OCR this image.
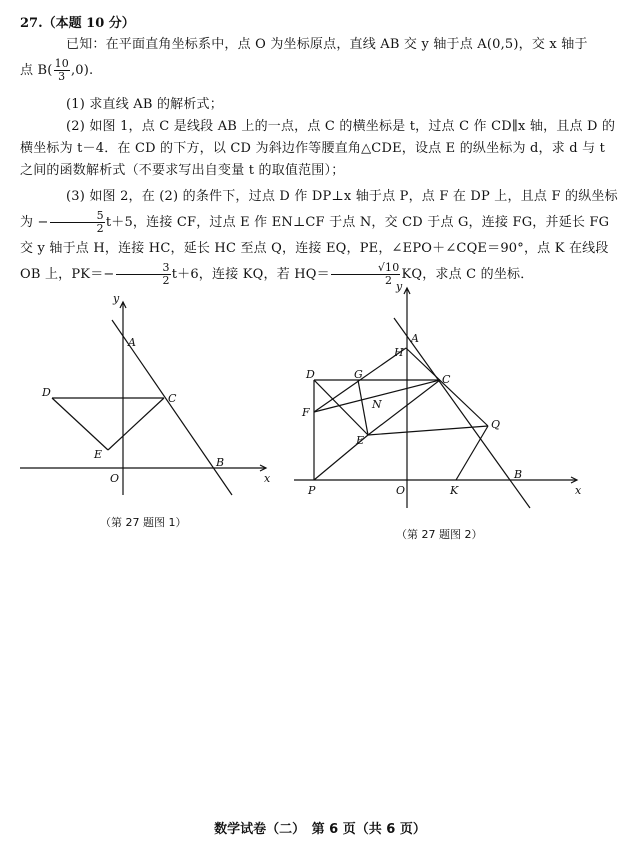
27.（本题 10 分）
已知：在平面直角坐标系中，点 O 为坐标原点，直线 AB 交 y 轴于点 A(0,5)，交 x 轴于
点 $B( \frac{10}{3} ,0)$.
(1) 求直线 AB 的解析式；
(2) 如图 1，点 C 是线段 AB 上的一点，点 C 的横坐标是 t，过点 C 作 CD∥x 轴，且点 D 的横坐标为 t－4．在 CD 的下方，以 CD 为斜边作等腰直角△CDE，设点 E 的纵坐标为 d，求 d 与 t 之间的函数解析式（不要求写出自变量 t 的取值范围）；
(3) 如图 2，在 (2) 的条件下，过点 D 作 DP⊥x 轴于点 P，点 F 在 DP 上，且点 F 的纵坐标为 − $\frac{5}{2} t+5$，连接 CF，过点 E 作 EN⊥CF 于点 N，交 CD 于点 G，连接 FG，并延长 FG 交 y 轴于点 H，连接 HC，延长 HC 至点 Q，连接 EQ，PE，∠EPO＋∠CQE＝90°，点 K 在线段 OB 上，$PK=- \frac{3}{2} t+6$，连接 KQ，若 $HQ= \frac{√10}{2}$ KQ，求点 C 的坐标．
y
x
A
B
C
D
E
O
（第 27 题图 1）
y
x
A
B
C
D
E
F
G
H
N
O
P	K
Q
（第 27 题图 2）
数学试卷（二）　第 6 页（共 6 页）
